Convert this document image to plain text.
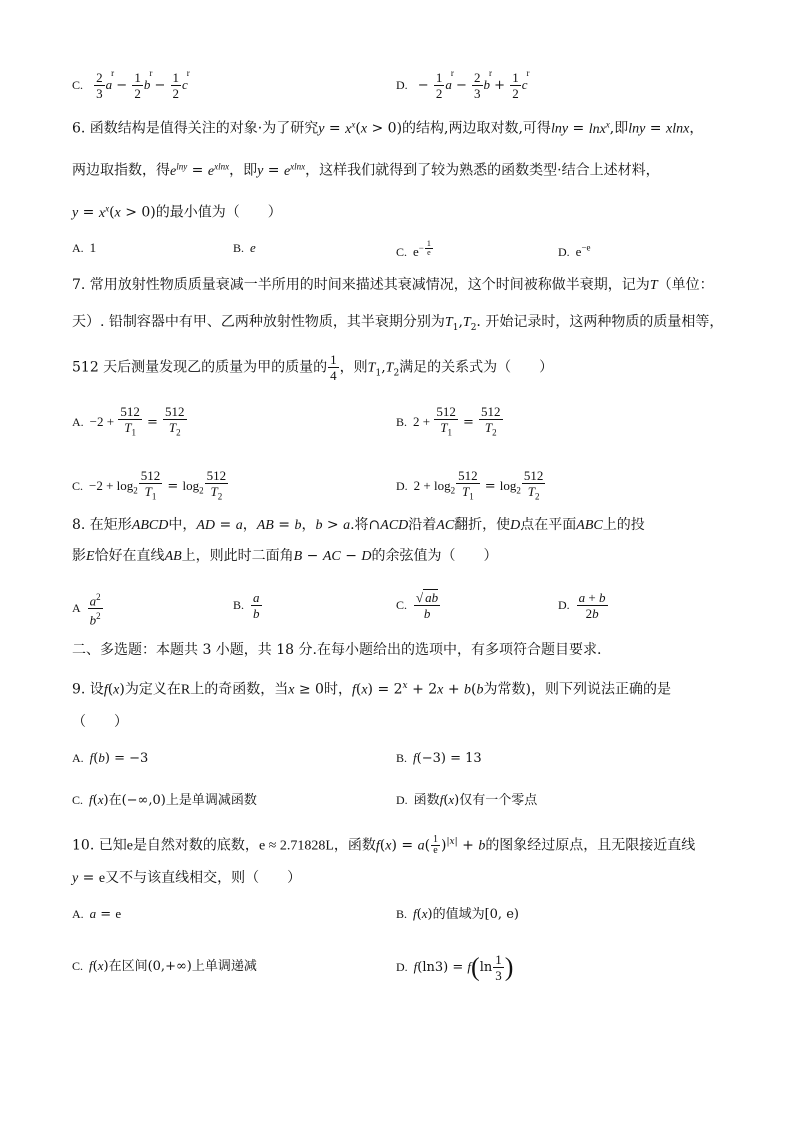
C. $\frac{2}{3}$ r $a - \frac{1}{2}$ r $b - \frac{1}{2}$ r c	D. − $\frac{1}{2}$ r $a - \frac{2}{3}$ r $b + \frac{1}{2}$ r c
6. 函数结构是值得关注的对象·为了研究$y = x^x(x > 0)$的结构,两边取对数,可得lny = lnx$^x$,即lny = xlnx，
两边取指数，得$e^{lny} = e^{xlnx}$，即$y = e^{xlnx}$，这样我们就得到了较为熟悉的函数类型·结合上述材料，
$y = x^x(x > 0)$的最小值为（　　）
A. 1	B. e	C. $e^{- \frac{1}{e}}$	D. $e^{-e}$
7. 常用放射性物质质量衰减一半所用的时间来描述其衰减情况，这个时间被称做半衰期，记为T（单位：
天）. 铅制容器中有甲、乙两种放射性物质，其半衰期分别为$T_1,T_2$. 开始记录时，这两种物质的质量相等，
512 天后测量发现乙的质量为甲的质量的 $\frac{1}{4}$ ，则$T_1,T_2$满足的关系式为（　　）
A. $-2 + \frac{512}{T_1} = \frac{512}{T_2}$	B. $2 + \frac{512}{T_1} = \frac{512}{T_2}$
C. $-2 + \log_2 \frac{512}{T_1} = \log_2 \frac{512}{T_2}$	D. $2 + \log_2 \frac{512}{T_1} = \log_2 \frac{512}{T_2}$
8. 在矩形ABCD中，AD = a，AB = b，b > a.将∩ACD沿着AC翻折，使D点在平面ABC上的投
影E恰好在直线AB上，则此时二面角B − AC − D的余弦值为（　　）
A $\frac{a^2}{b^2}$	B. $\frac{a}{b}$	C. $\frac{√ ab}{b}$	D. $\frac{a + b}{2b}$
二、多选题：本题共 3 小题，共 18 分.在每小题给出的选项中，有多项符合题目要求.
9. 设f(x)为定义在R上的奇函数，当x ≥ 0时，$f(x) = 2^x + 2x + b(b$为常数)，则下列说法正确的是
（　　）
A. f(b) = −3	B. f(−3) = 13
C. f(x)在(−∞,0)上是单调减函数	D. 函数f(x)仅有一个零点
10. 已知e是自然对数的底数，e ≈ 2.71828L，函数$f(x) = a( \frac{1}{e} )^{|x|} + b$的图象经过原点，且无限接近直线
y = e又不与该直线相交，则（　　）
A. a = e	B. f(x)的值域为[0, e)
C. f(x)在区间(0,+∞)上单调递减	D. $f(\ln 3) = f(\ln \frac{1}{3}$ )
